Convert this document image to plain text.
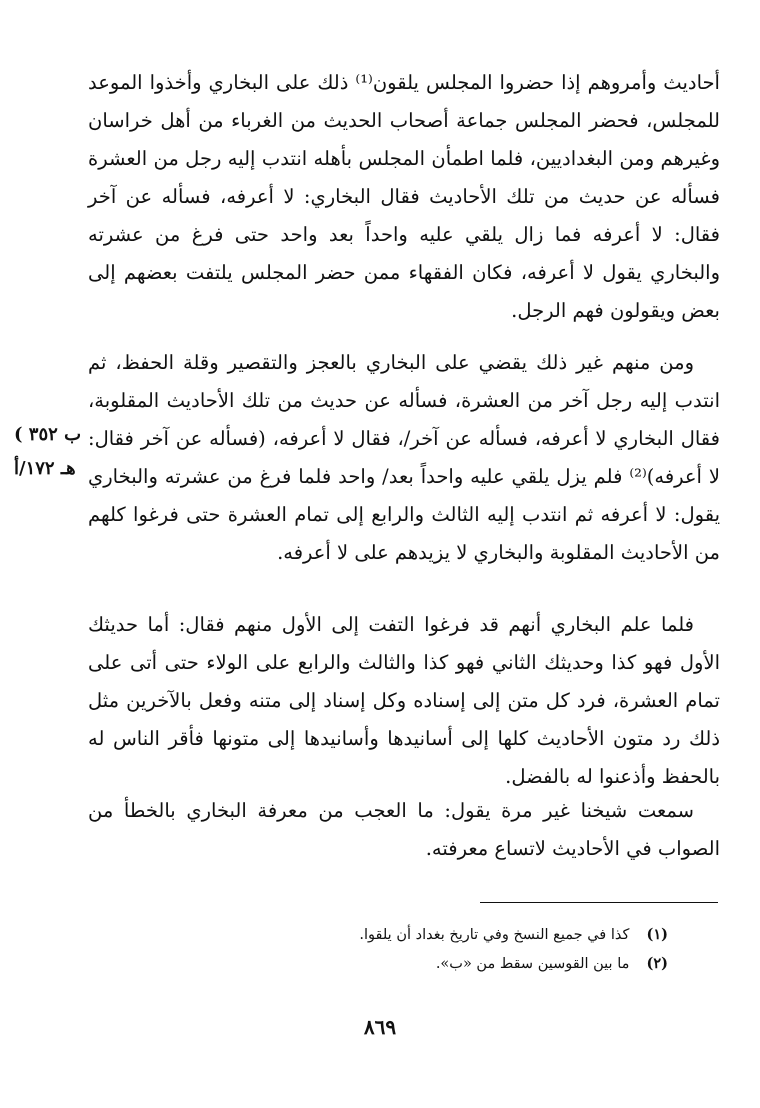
أحاديث وأمروهم إذا حضروا المجلس يلقون⁽¹⁾ ذلك على البخاري وأخذوا الموعد للمجلس، فحضر المجلس جماعة أصحاب الحديث من الغرباء من أهل خراسان وغيرهم ومن البغداديين، فلما اطمأن المجلس بأهله انتدب إليه رجل من العشرة فسأله عن حديث من تلك الأحاديث فقال البخاري: لا أعرفه، فسأله عن آخر فقال: لا أعرفه فما زال يلقي عليه واحداً بعد واحد حتى فرغ من عشرته والبخاري يقول لا أعرفه، فكان الفقهاء ممن حضر المجلس يلتفت بعضهم إلى بعض ويقولون فهم الرجل.

ومن منهم غير ذلك يقضي على البخاري بالعجز والتقصير وقلة الحفظ، ثم انتدب إليه رجل آخر من العشرة، فسأله عن حديث من تلك الأحاديث المقلوبة، فقال البخاري لا أعرفه، فسأله عن آخر/، فقال لا أعرفه، (فسأله عن آخر فقال: لا أعرفه)⁽²⁾ فلم يزل يلقي عليه واحداً بعد/ واحد فلما فرغ من عشرته والبخاري يقول: لا أعرفه ثم انتدب إليه الثالث والرابع إلى تمام العشرة حتى فرغوا كلهم من الأحاديث المقلوبة والبخاري لا يزيدهم على لا أعرفه.

فلما علم البخاري أنهم قد فرغوا التفت إلى الأول منهم فقال: أما حديثك الأول فهو كذا وحديثك الثاني فهو كذا والثالث والرابع على الولاء حتى أتى على تمام العشرة، فرد كل متن إلى إسناده وكل إسناد إلى متنه وفعل بالآخرين مثل ذلك رد متون الأحاديث كلها إلى أسانيدها وأسانيدها إلى متونها فأقر الناس له بالحفظ وأذعنوا له بالفضل.

سمعت شيخنا غير مرة يقول: ما العجب من معرفة البخاري بالخطأ من الصواب في الأحاديث لاتساع معرفته.

ب ٣٥٢ )
هـ ١٧٢/أ
(١) كذا في جميع النسخ وفي تاريخ بغداد أن يلقوا.
(٢) ما بين القوسين سقط من «ب».
٨٦٩
